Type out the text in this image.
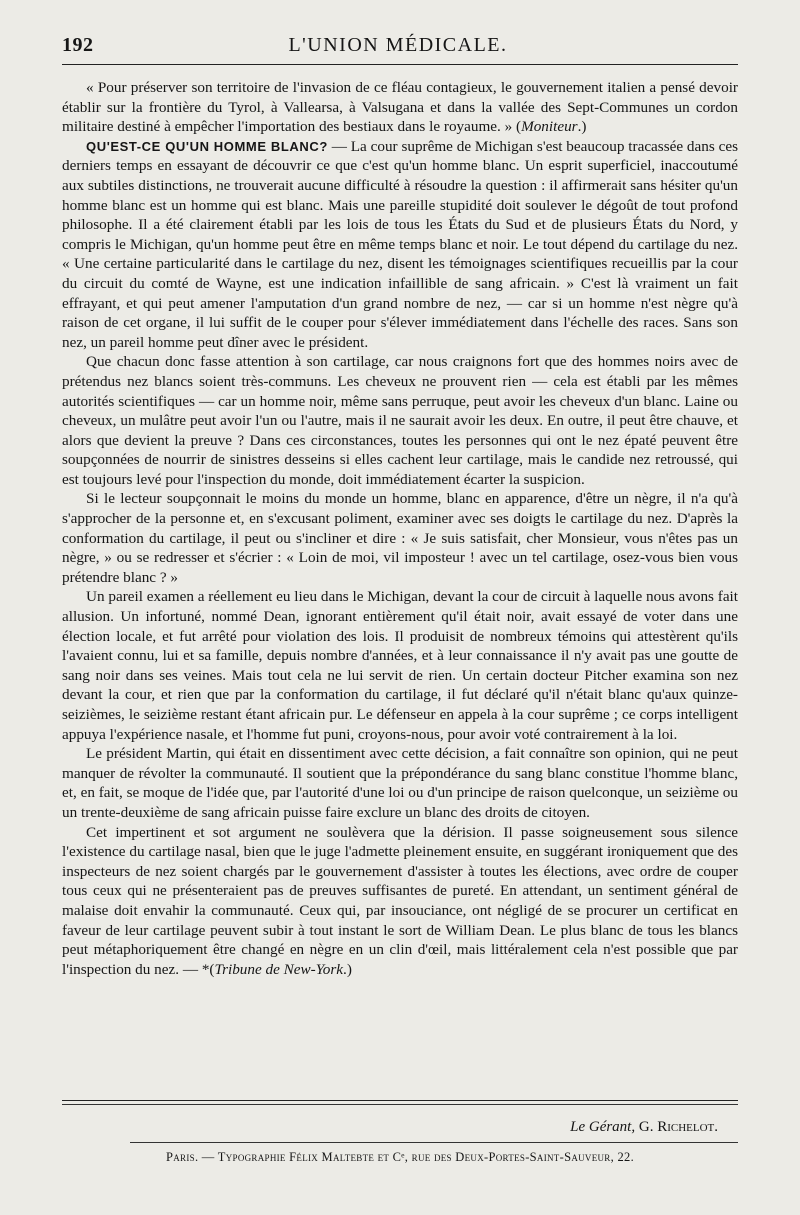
192	L'UNION MÉDICALE.

« Pour préserver son territoire de l'invasion de ce fléau contagieux, le gouvernement italien a pensé devoir établir sur la frontière du Tyrol, à Vallearsa, à Valsugana et dans la vallée des Sept-Communes un cordon militaire destiné à empêcher l'importation des bestiaux dans le royaume. » (Moniteur.)

QU'EST-CE QU'UN HOMME BLANC? — La cour suprême de Michigan s'est beaucoup tracassée dans ces derniers temps en essayant de découvrir ce que c'est qu'un homme blanc. Un esprit superficiel, inaccoutumé aux subtiles distinctions, ne trouverait aucune difficulté à résoudre la question : il affirmerait sans hésiter qu'un homme blanc est un homme qui est blanc. Mais une pareille stupidité doit soulever le dégoût de tout profond philosophe. Il a été clairement établi par les lois de tous les États du Sud et de plusieurs États du Nord, y compris le Michigan, qu'un homme peut être en même temps blanc et noir. Le tout dépend du cartilage du nez. « Une certaine particularité dans le cartilage du nez, disent les témoignages scientifiques recueillis par la cour du circuit du comté de Wayne, est une indication infaillible de sang africain. » C'est là vraiment un fait effrayant, et qui peut amener l'amputation d'un grand nombre de nez, — car si un homme n'est nègre qu'à raison de cet organe, il lui suffit de le couper pour s'élever immédiatement dans l'échelle des races. Sans son nez, un pareil homme peut dîner avec le président.

Que chacun donc fasse attention à son cartilage, car nous craignons fort que des hommes noirs avec de prétendus nez blancs soient très-communs. Les cheveux ne prouvent rien — cela est établi par les mêmes autorités scientifiques — car un homme noir, même sans perruque, peut avoir les cheveux d'un blanc. Laine ou cheveux, un mulâtre peut avoir l'un ou l'autre, mais il ne saurait avoir les deux. En outre, il peut être chauve, et alors que devient la preuve ? Dans ces circonstances, toutes les personnes qui ont le nez épaté peuvent être soupçonnées de nourrir de sinistres desseins si elles cachent leur cartilage, mais le candide nez retroussé, qui est toujours levé pour l'inspection du monde, doit immédiatement écarter la suspicion.

Si le lecteur soupçonnait le moins du monde un homme, blanc en apparence, d'être un nègre, il n'a qu'à s'approcher de la personne et, en s'excusant poliment, examiner avec ses doigts le cartilage du nez. D'après la conformation du cartilage, il peut ou s'incliner et dire : « Je suis satisfait, cher Monsieur, vous n'êtes pas un nègre, » ou se redresser et s'écrier : « Loin de moi, vil imposteur ! avec un tel cartilage, osez-vous bien vous prétendre blanc ? »

Un pareil examen a réellement eu lieu dans le Michigan, devant la cour de circuit à laquelle nous avons fait allusion. Un infortuné, nommé Dean, ignorant entièrement qu'il était noir, avait essayé de voter dans une élection locale, et fut arrêté pour violation des lois. Il produisit de nombreux témoins qui attestèrent qu'ils l'avaient connu, lui et sa famille, depuis nombre d'années, et à leur connaissance il n'y avait pas une goutte de sang noir dans ses veines. Mais tout cela ne lui servit de rien. Un certain docteur Pitcher examina son nez devant la cour, et rien que par la conformation du cartilage, il fut déclaré qu'il n'était blanc qu'aux quinze-seizièmes, le seizième restant étant africain pur. Le défenseur en appela à la cour suprême ; ce corps intelligent appuya l'expérience nasale, et l'homme fut puni, croyons-nous, pour avoir voté contrairement à la loi.

Le président Martin, qui était en dissentiment avec cette décision, a fait connaître son opinion, qui ne peut manquer de révolter la communauté. Il soutient que la prépondérance du sang blanc constitue l'homme blanc, et, en fait, se moque de l'idée que, par l'autorité d'une loi ou d'un principe de raison quelconque, un seizième ou un trente-deuxième de sang africain puisse faire exclure un blanc des droits de citoyen.

Cet impertinent et sot argument ne soulèvera que la dérision. Il passe soigneusement sous silence l'existence du cartilage nasal, bien que le juge l'admette pleinement ensuite, en suggérant ironiquement que des inspecteurs de nez soient chargés par le gouvernement d'assister à toutes les élections, avec ordre de couper tous ceux qui ne présenteraient pas de preuves suffisantes de pureté. En attendant, un sentiment général de malaise doit envahir la communauté. Ceux qui, par insouciance, ont négligé de se procurer un certificat en faveur de leur cartilage peuvent subir à tout instant le sort de William Dean. Le plus blanc de tous les blancs peut métaphoriquement être changé en nègre en un clin d'œil, mais littéralement cela n'est possible que par l'inspection du nez. — *(Tribune de New-York.)

Le Gérant, G. Richelot.
Paris. — Typographie Félix Maltebte et Cᵉ, rue des Deux-Portes-Saint-Sauveur, 22.
